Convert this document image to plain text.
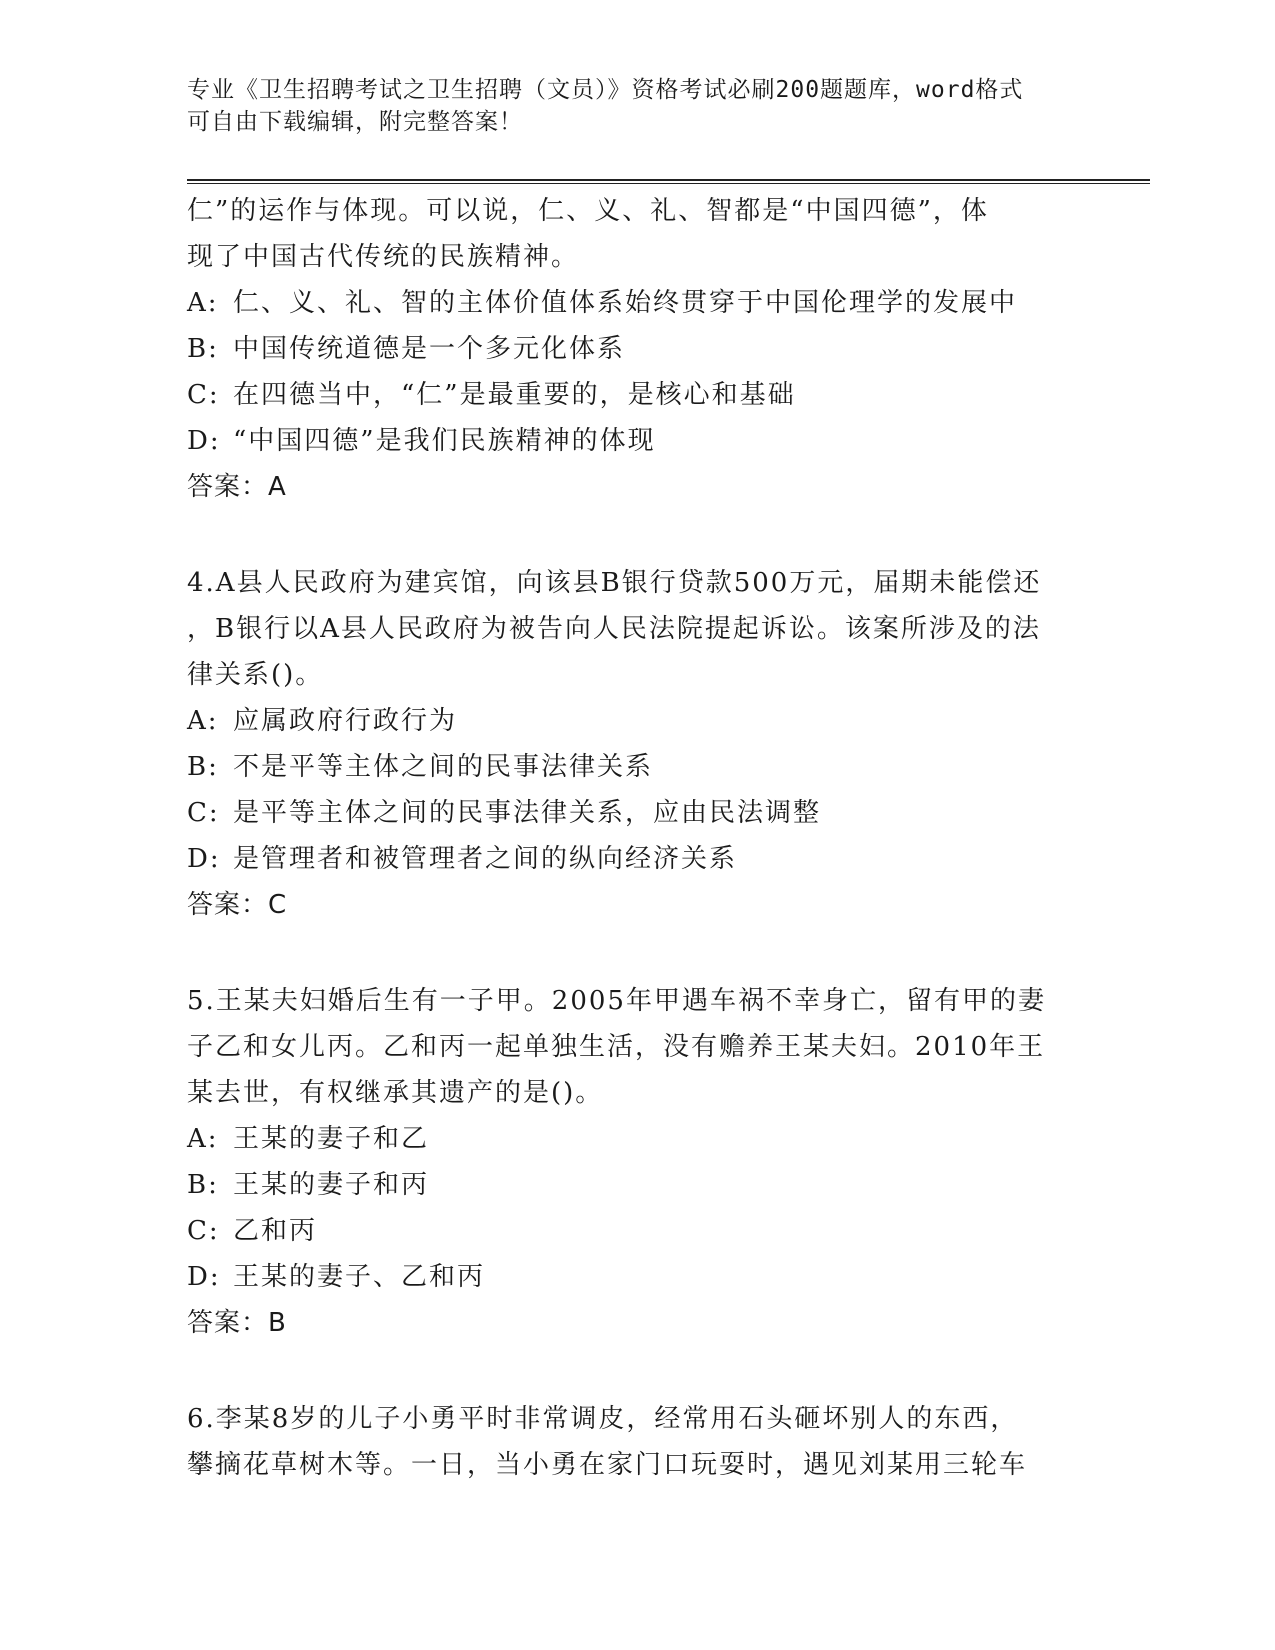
专业《卫生招聘考试之卫生招聘（文员）》资格考试必刷200题题库，word格式
可自由下载编辑，附完整答案！
仁”的运作与体现。可以说，仁、义、礼、智都是“中国四德”，体
现了中国古代传统的民族精神。
A: 仁、义、礼、智的主体价值体系始终贯穿于中国伦理学的发展中
B: 中国传统道德是一个多元化体系
C: 在四德当中，“仁”是最重要的，是核心和基础
D: “中国四德”是我们民族精神的体现
答案：A
4.A县人民政府为建宾馆，向该县B银行贷款500万元，届期未能偿还
，B银行以A县人民政府为被告向人民法院提起诉讼。该案所涉及的法
律关系()。
A: 应属政府行政行为
B: 不是平等主体之间的民事法律关系
C: 是平等主体之间的民事法律关系，应由民法调整
D: 是管理者和被管理者之间的纵向经济关系
答案：C
5.王某夫妇婚后生有一子甲。2005年甲遇车祸不幸身亡，留有甲的妻
子乙和女儿丙。乙和丙一起单独生活，没有赡养王某夫妇。2010年王
某去世，有权继承其遗产的是()。
A: 王某的妻子和乙
B: 王某的妻子和丙
C: 乙和丙
D: 王某的妻子、乙和丙
答案：B
6.李某8岁的儿子小勇平时非常调皮，经常用石头砸坏别人的东西，
攀摘花草树木等。一日，当小勇在家门口玩耍时，遇见刘某用三轮车
